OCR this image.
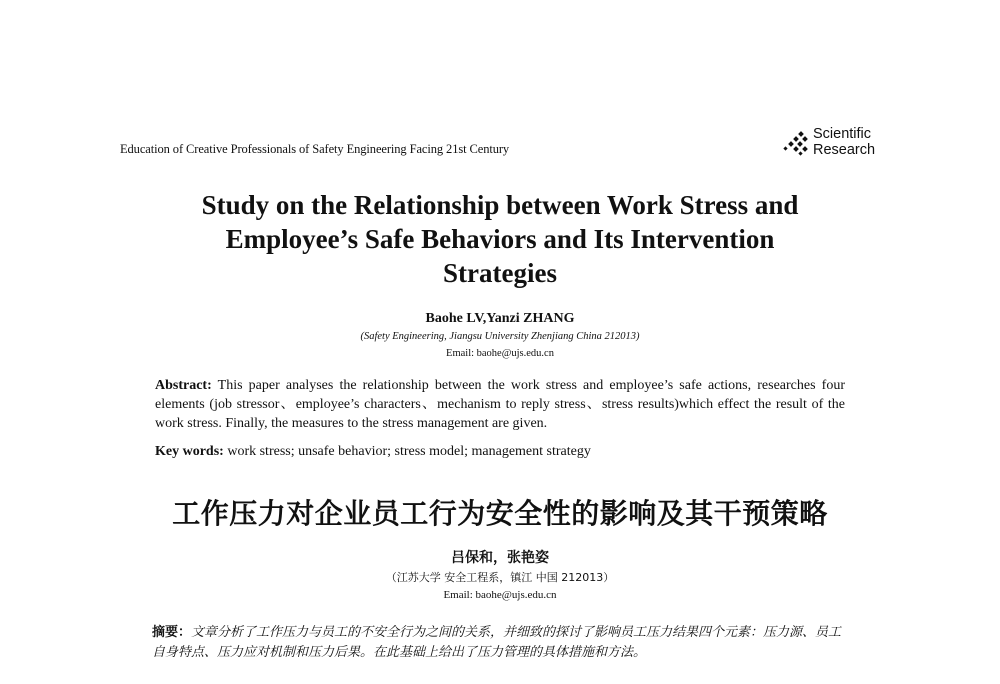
Education of Creative Professionals of Safety Engineering Facing 21st Century
Scientific
Research
Study on the Relationship between Work Stress and
Employee’s Safe Behaviors and Its Intervention
Strategies
Baohe LV,Yanzi ZHANG
(Safety Engineering, Jiangsu University Zhenjiang China 212013)
Email: baohe@ujs.edu.cn
Abstract: This paper analyses the relationship between the work stress and employee’s safe actions, researches four elements (job stressor、employee’s characters、mechanism to reply stress、stress results)which effect the result of the work stress. Finally, the measures to the stress management are given.
Key words: work stress; unsafe behavior; stress model; management strategy
工作压力对企业员工行为安全性的影响及其干预策略
吕保和，张艳姿
（江苏大学 安全工程系，镇江 中国 212013）
Email: baohe@ujs.edu.cn
摘要：文章分析了工作压力与员工的不安全行为之间的关系，并细致的探讨了影响员工压力结果四个元素：压力源、员工自身特点、压力应对机制和压力后果。在此基础上给出了压力管理的具体措施和方法。
